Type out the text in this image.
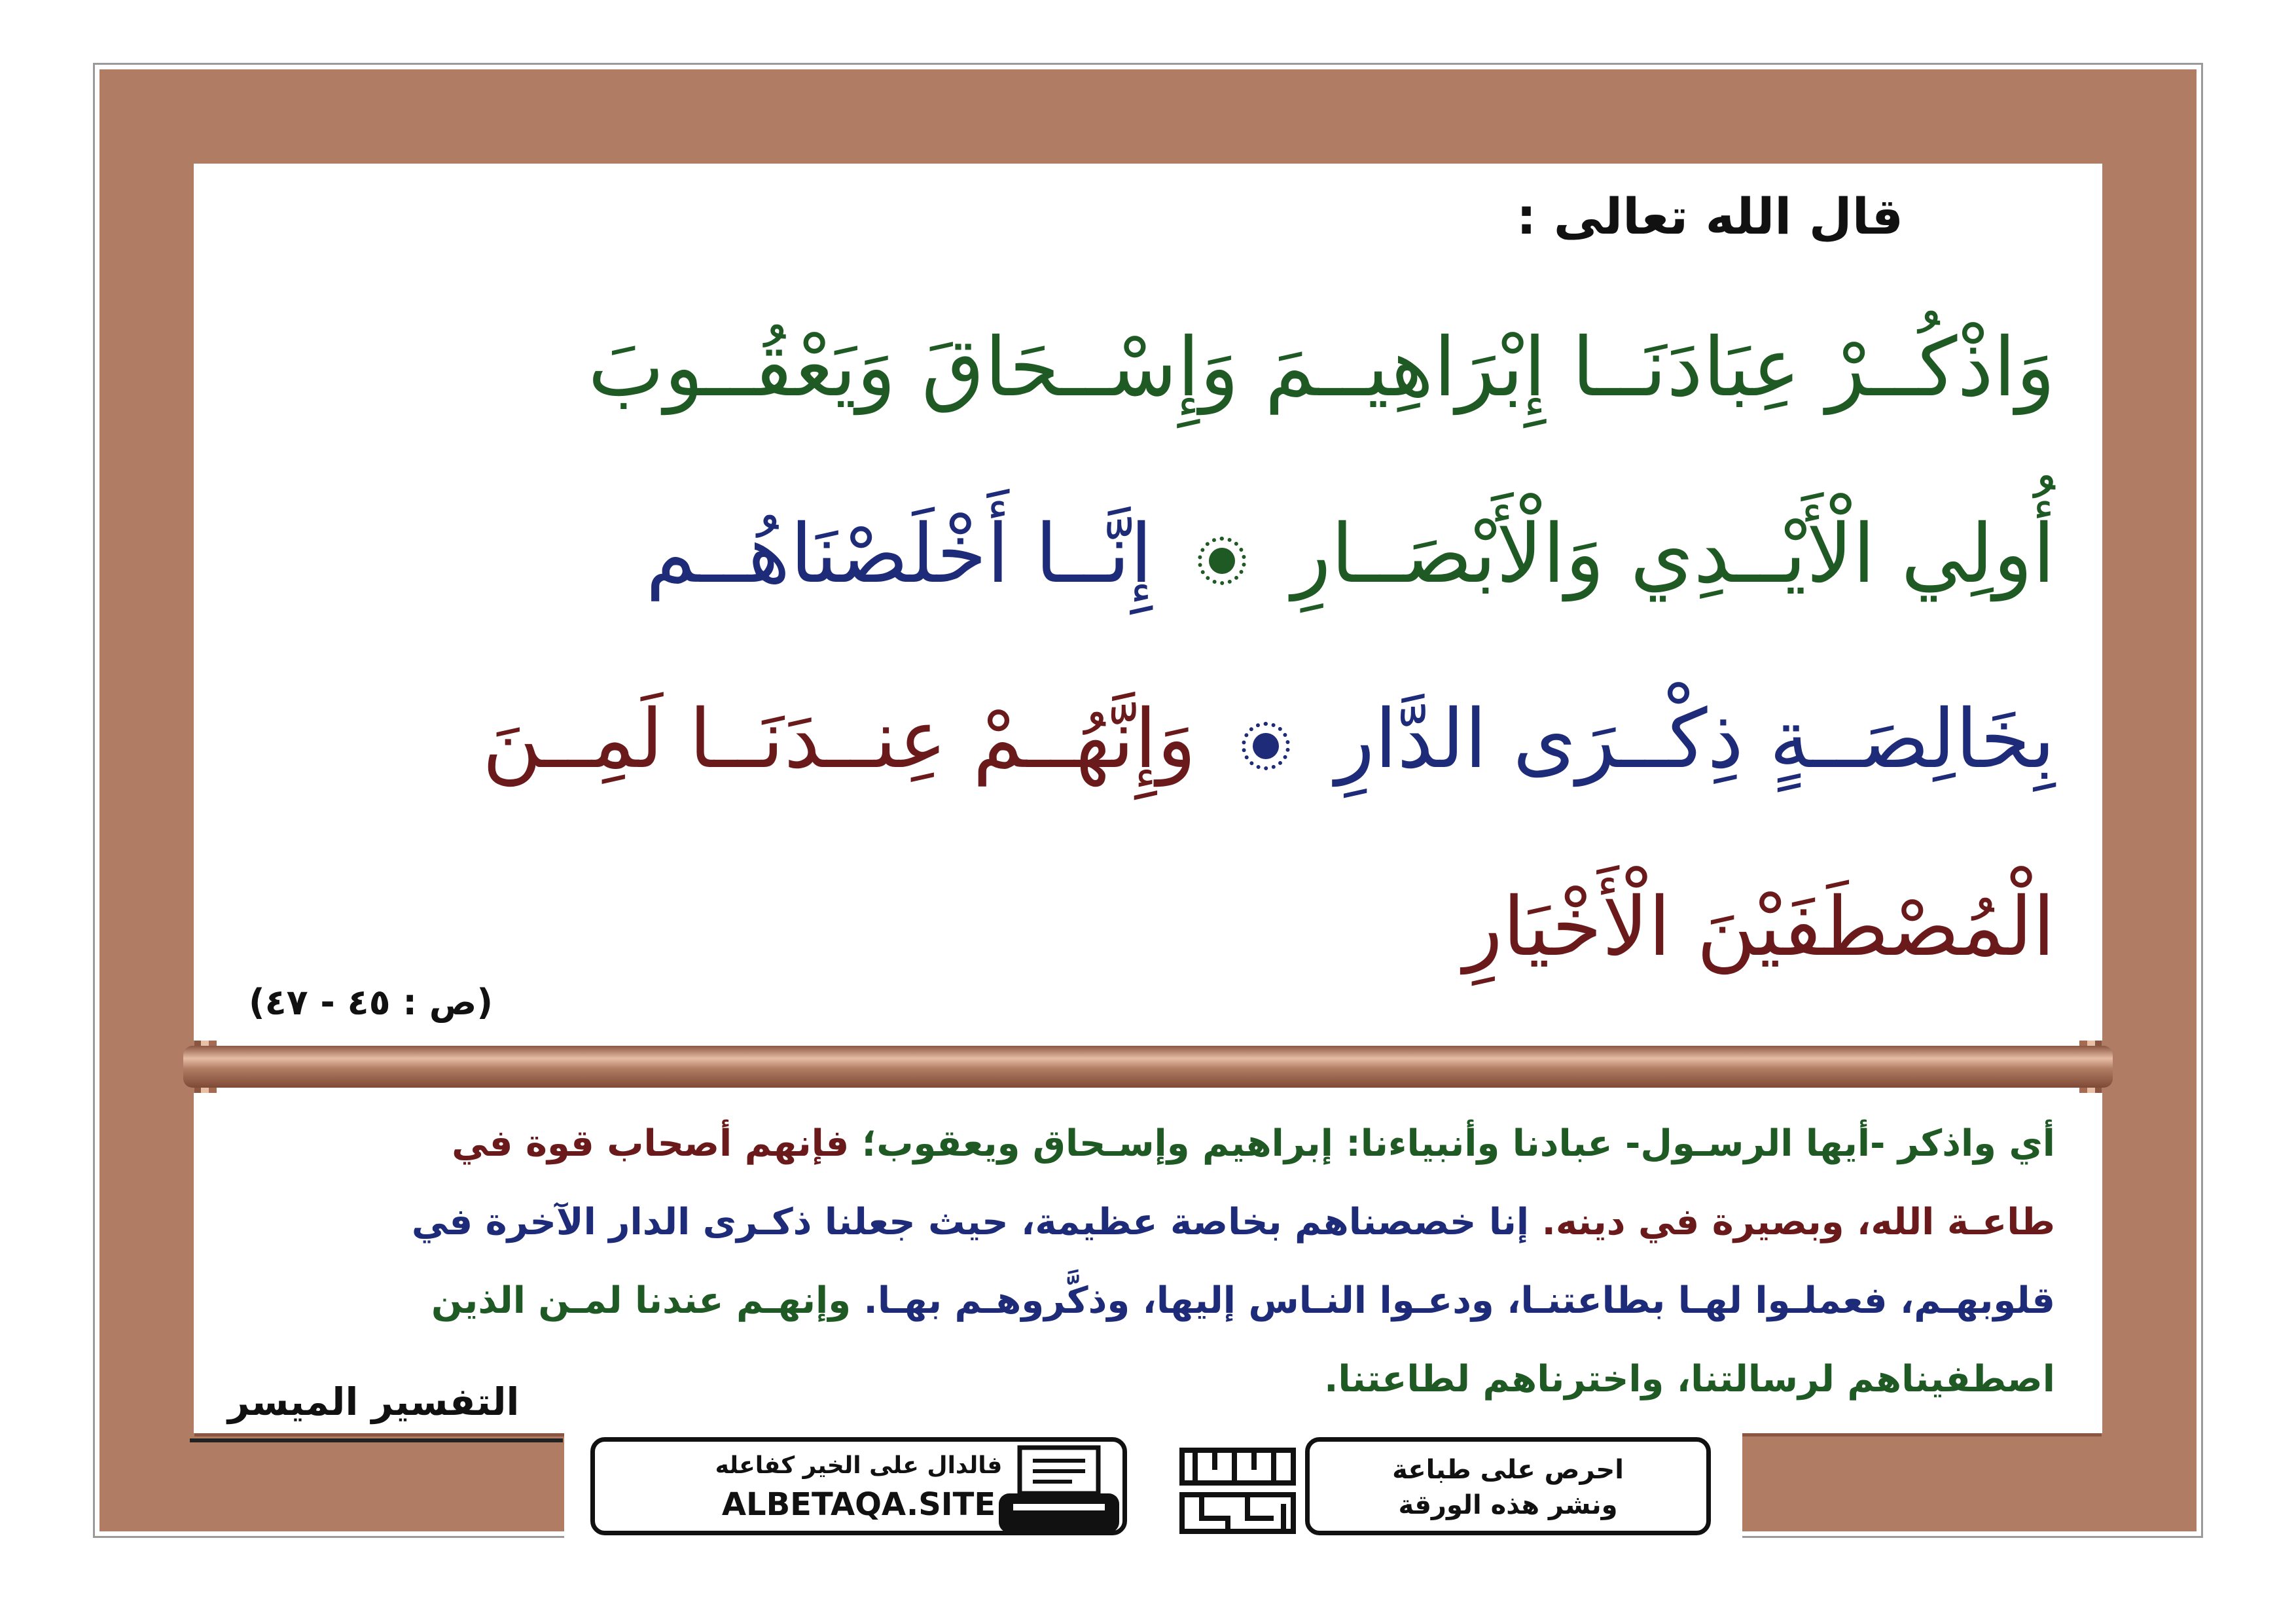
قال الله تعالى :
وَاذْكُــرْ عِبَادَنَــا إِبْرَاهِيــمَ وَإِسْــحَاقَ وَيَعْقُــوبَ
أُولِي الْأَيْــدِي وَالْأَبْصَــارِ  إِنَّــا أَخْلَصْنَاهُــم
بِخَالِصَــةٍ ذِكْــرَى الدَّارِ  وَإِنَّهُــمْ عِنــدَنَــا لَمِــنَ
الْمُصْطَفَيْنَ الْأَخْيَارِ
(ص : ٤٥ - ٤٧)
أي واذكر -أيها الرسـول- عبادنا وأنبياءنا: إبراهيم وإسـحاق ويعقوب؛ فإنهم أصحاب قوة في
طاعـة الله، وبصيرة في دينه. إنا خصصناهم بخاصة عظيمة، حيث جعلنا ذكـرى الدار الآخرة في
قلوبهـم، فعملـوا لهـا بطاعتنـا، ودعـوا النـاس إليها، وذكَّروهـم بهـا. وإنهـم عندنا لمـن الذين
اصطفيناهم لرسالتنا، واخترناهم لطاعتنا.
التفسير الميسر
فالدال على الخير كفاعله
ALBETAQA.SITE
احرص على طباعة
ونشر هذه الورقة
